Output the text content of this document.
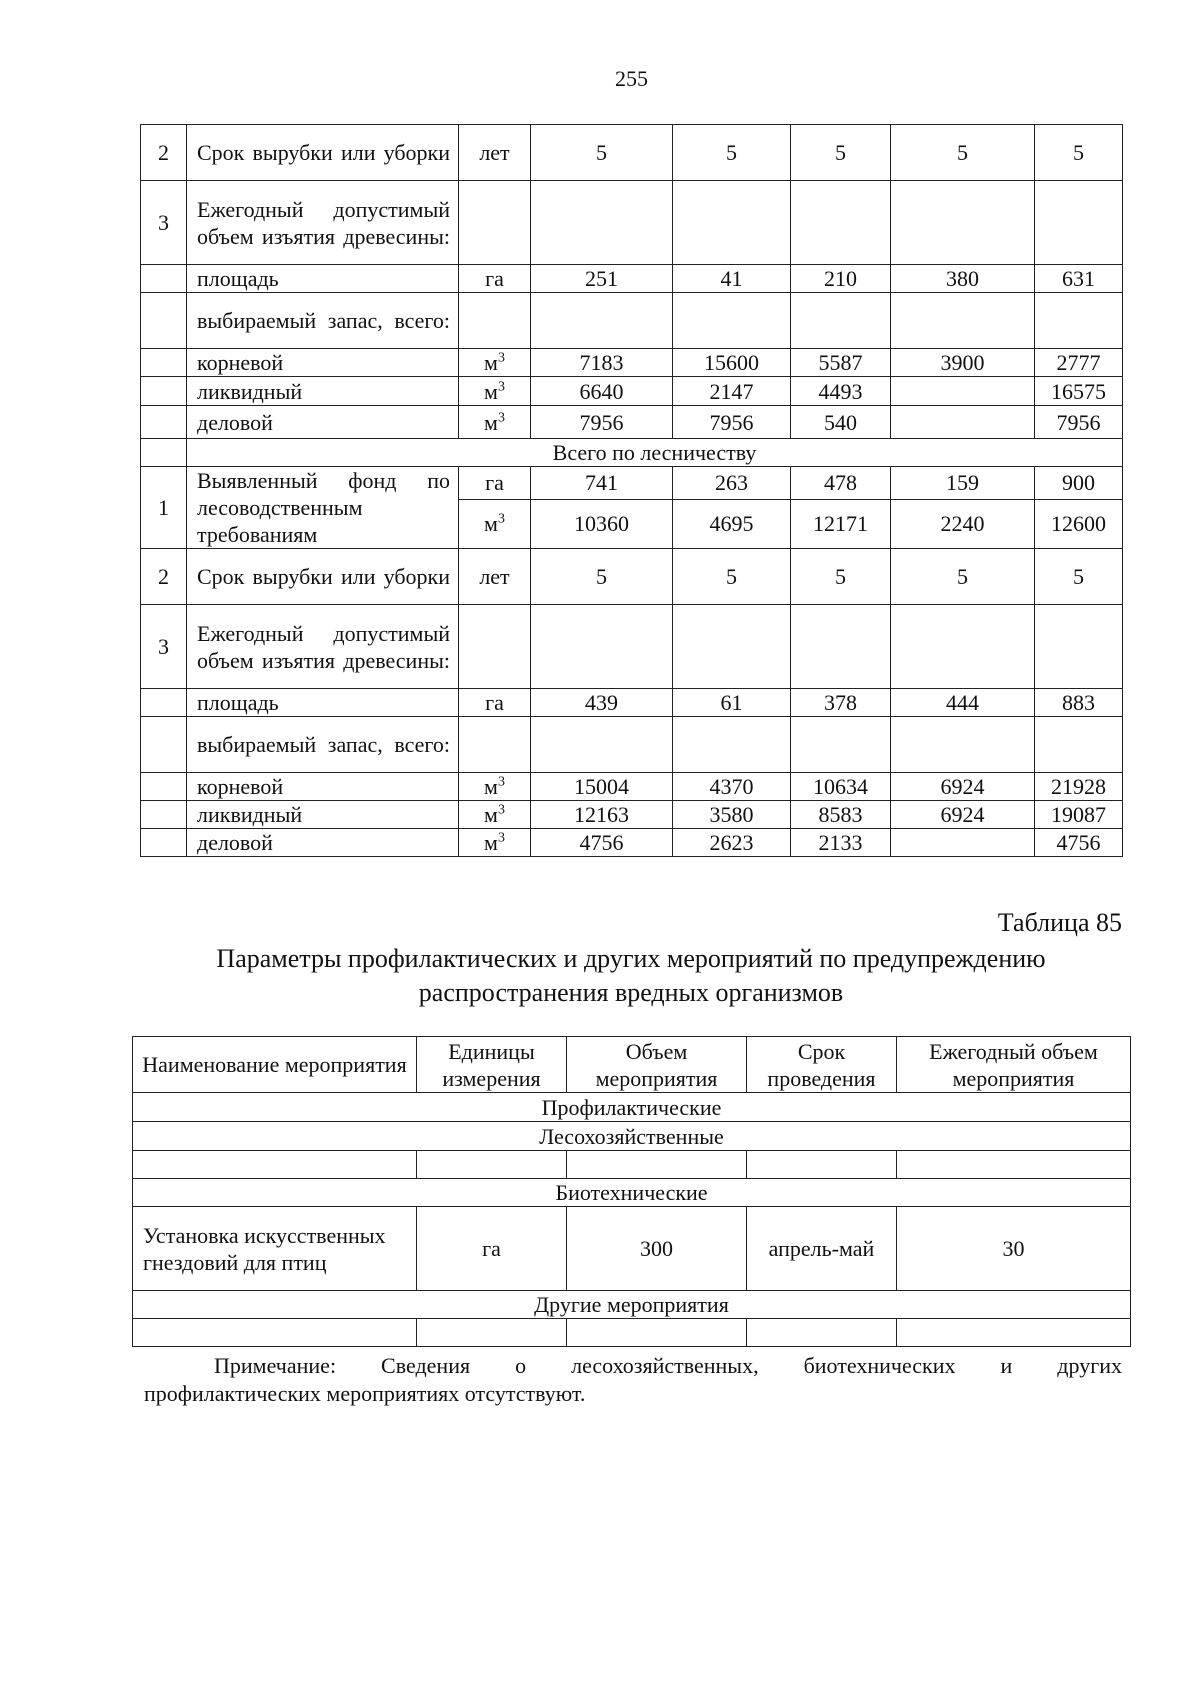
255
2	Срок вырубки или уборки	лет	5	5	5	5	5
3	Ежегодный допустимый объем изъятия древесины:						
	площадь	га	251	41	210	380	631
	выбираемый запас, всего:						
	корневой	$м^3$	7183	15600	5587	3900	2777
	ликвидный	$м^3$	6640	2147	4493		16575
	деловой	$м^3$	7956	7956	540		7956
	Всего по лесничеству						
1	Выявленный фонд по лесоводственным требованиям	га	741	263	478	159	900
		$м^3$	10360	4695	12171	2240	12600
2	Срок вырубки или уборки	лет	5	5	5	5	5
3	Ежегодный допустимый объем изъятия древесины:						
	площадь	га	439	61	378	444	883
	выбираемый запас, всего:						
	корневой	$м^3$	15004	4370	10634	6924	21928
	ликвидный	$м^3$	12163	3580	8583	6924	19087
	деловой	$м^3$	4756	2623	2133		4756
Таблица 85
Параметры профилактических и других мероприятий по предупреждению распространения вредных организмов
Наименование мероприятия	Единицы измерения	Объем мероприятия	Срок проведения	Ежегодный объем мероприятия
Профилактические				
Лесохозяйственные				

Биотехнические				
Установка искусственных гнездовий для птиц	га	300	апрель-май	30
Другие мероприятия				

Примечание: Сведения о лесохозяйственных, биотехнических и других
профилактических мероприятиях отсутствуют.
